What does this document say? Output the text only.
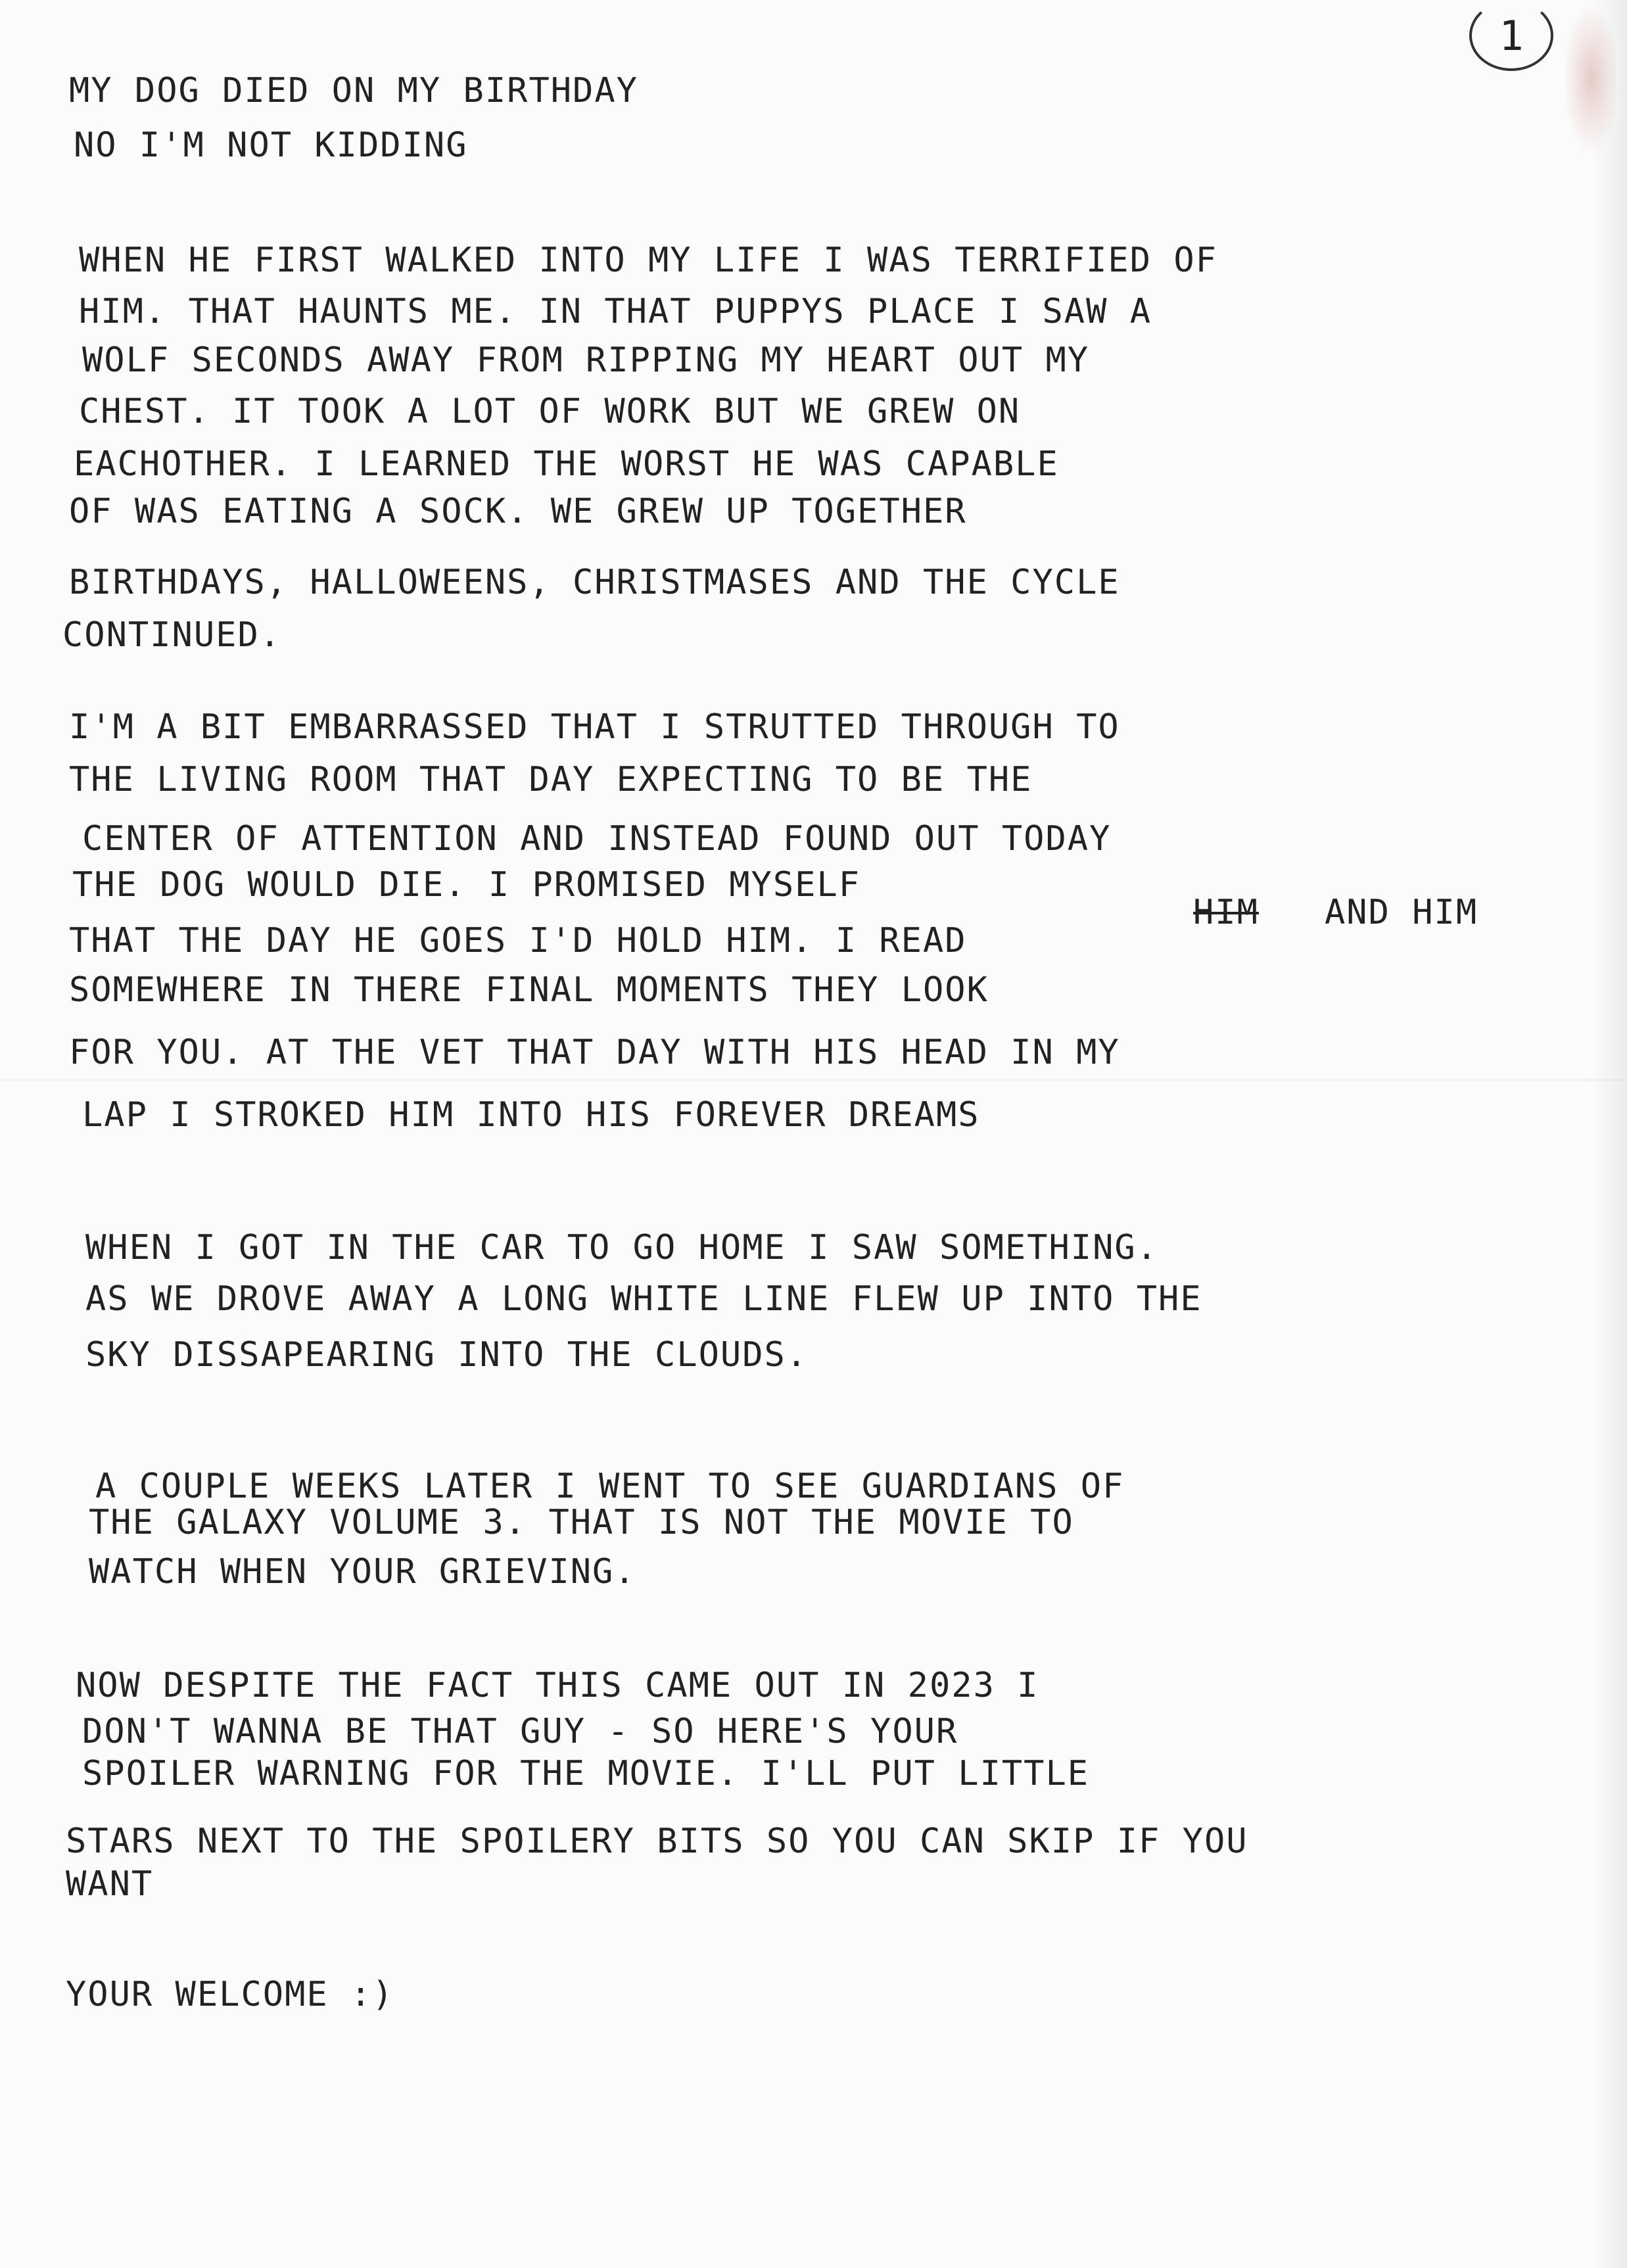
1
MY DOG DIED ON MY BIRTHDAY
NO I'M NOT KIDDING
WHEN HE FIRST WALKED INTO MY LIFE I WAS TERRIFIED OF
HIM. THAT HAUNTS ME. IN THAT PUPPYS PLACE I SAW A
WOLF SECONDS AWAY FROM RIPPING MY HEART OUT MY
CHEST. IT TOOK A LOT OF WORK BUT WE GREW ON
EACHOTHER. I LEARNED THE WORST HE WAS CAPABLE
OF WAS EATING A SOCK. WE GREW UP TOGETHER
BIRTHDAYS, HALLOWEENS, CHRISTMASES AND THE CYCLE
CONTINUED.
I'M A BIT EMBARRASSED THAT I STRUTTED THROUGH TO
THE LIVING ROOM THAT DAY EXPECTING TO BE THE
CENTER OF ATTENTION AND INSTEAD FOUND OUT TODAY
THE DOG WOULD DIE. I PROMISED MYSELF
HIM AND HIM
THAT THE DAY HE GOES I'D HOLD HIM. I READ
SOMEWHERE IN THERE FINAL MOMENTS THEY LOOK
FOR YOU. AT THE VET THAT DAY WITH HIS HEAD IN MY
LAP I STROKED HIM INTO HIS FOREVER DREAMS
WHEN I GOT IN THE CAR TO GO HOME I SAW SOMETHING.
AS WE DROVE AWAY A LONG WHITE LINE FLEW UP INTO THE
SKY DISSAPEARING INTO THE CLOUDS.
A COUPLE WEEKS LATER I WENT TO SEE GUARDIANS OF
THE GALAXY VOLUME 3. THAT IS NOT THE MOVIE TO
WATCH WHEN YOUR GRIEVING.
NOW DESPITE THE FACT THIS CAME OUT IN 2023 I
DON'T WANNA BE THAT GUY - SO HERE'S YOUR
SPOILER WARNING FOR THE MOVIE. I'LL PUT LITTLE
STARS NEXT TO THE SPOILERY BITS SO YOU CAN SKIP IF YOU
WANT
YOUR WELCOME :)
